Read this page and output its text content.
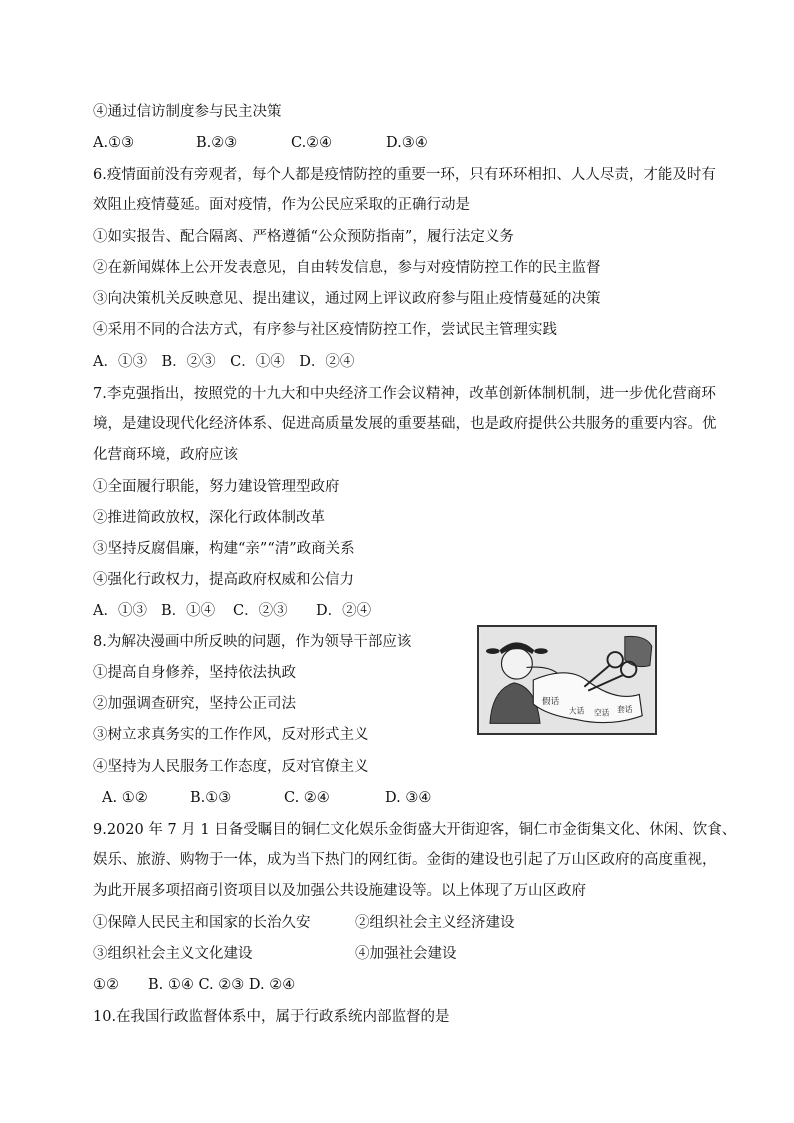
④通过信访制度参与民主决策
A.①③	B.②③	C.②④	D.③④
6.疫情面前没有旁观者，每个人都是疫情防控的重要一环，只有环环相扣、人人尽责，才能及时有
效阻止疫情蔓延。面对疫情，作为公民应采取的正确行动是
①如实报告、配合隔离、严格遵循“公众预防指南”，履行法定义务
②在新闻媒体上公开发表意见，自由转发信息，参与对疫情防控工作的民主监督
③向决策机关反映意见、提出建议，通过网上评议政府参与阻止疫情蔓延的决策
④采用不同的合法方式，有序参与社区疫情防控工作，尝试民主管理实践
A．①③　B．②③　C．①④　D．②④
7.李克强指出，按照党的十九大和中央经济工作会议精神，改革创新体制机制，进一步优化营商环
境，是建设现代化经济体系、促进高质量发展的重要基础，也是政府提供公共服务的重要内容。优
化营商环境，政府应该
①全面履行职能，努力建设管理型政府
②推进简政放权，深化行政体制改革
③坚持反腐倡廉，构建“亲”“清”政商关系
④强化行政权力，提高政府权威和公信力
A．①③ B．①④ C．②③ D．②④
8.为解决漫画中所反映的问题，作为领导干部应该
①提高自身修养，坚持依法执政
②加强调查研究，坚持公正司法
③树立求真务实的工作作风，反对形式主义
④坚持为人民服务工作态度，反对官僚主义
A. ①②	B.①③	C. ②④	D. ③④
假话
大话 空话 套话
9.2020 年 7 月 1 日备受瞩目的铜仁文化娱乐金街盛大开街迎客，铜仁市金街集文化、休闲、饮食、
娱乐、旅游、购物于一体，成为当下热门的网红街。金街的建设也引起了万山区政府的高度重视，
为此开展多项招商引资项目以及加强公共设施建设等。以上体现了万山区政府
①保障人民民主和国家的长治久安	②组织社会主义经济建设
③组织社会主义文化建设	④加强社会建设
①②　　B. ①④ C. ②③ D. ②④
10.在我国行政监督体系中，属于行政系统内部监督的是
